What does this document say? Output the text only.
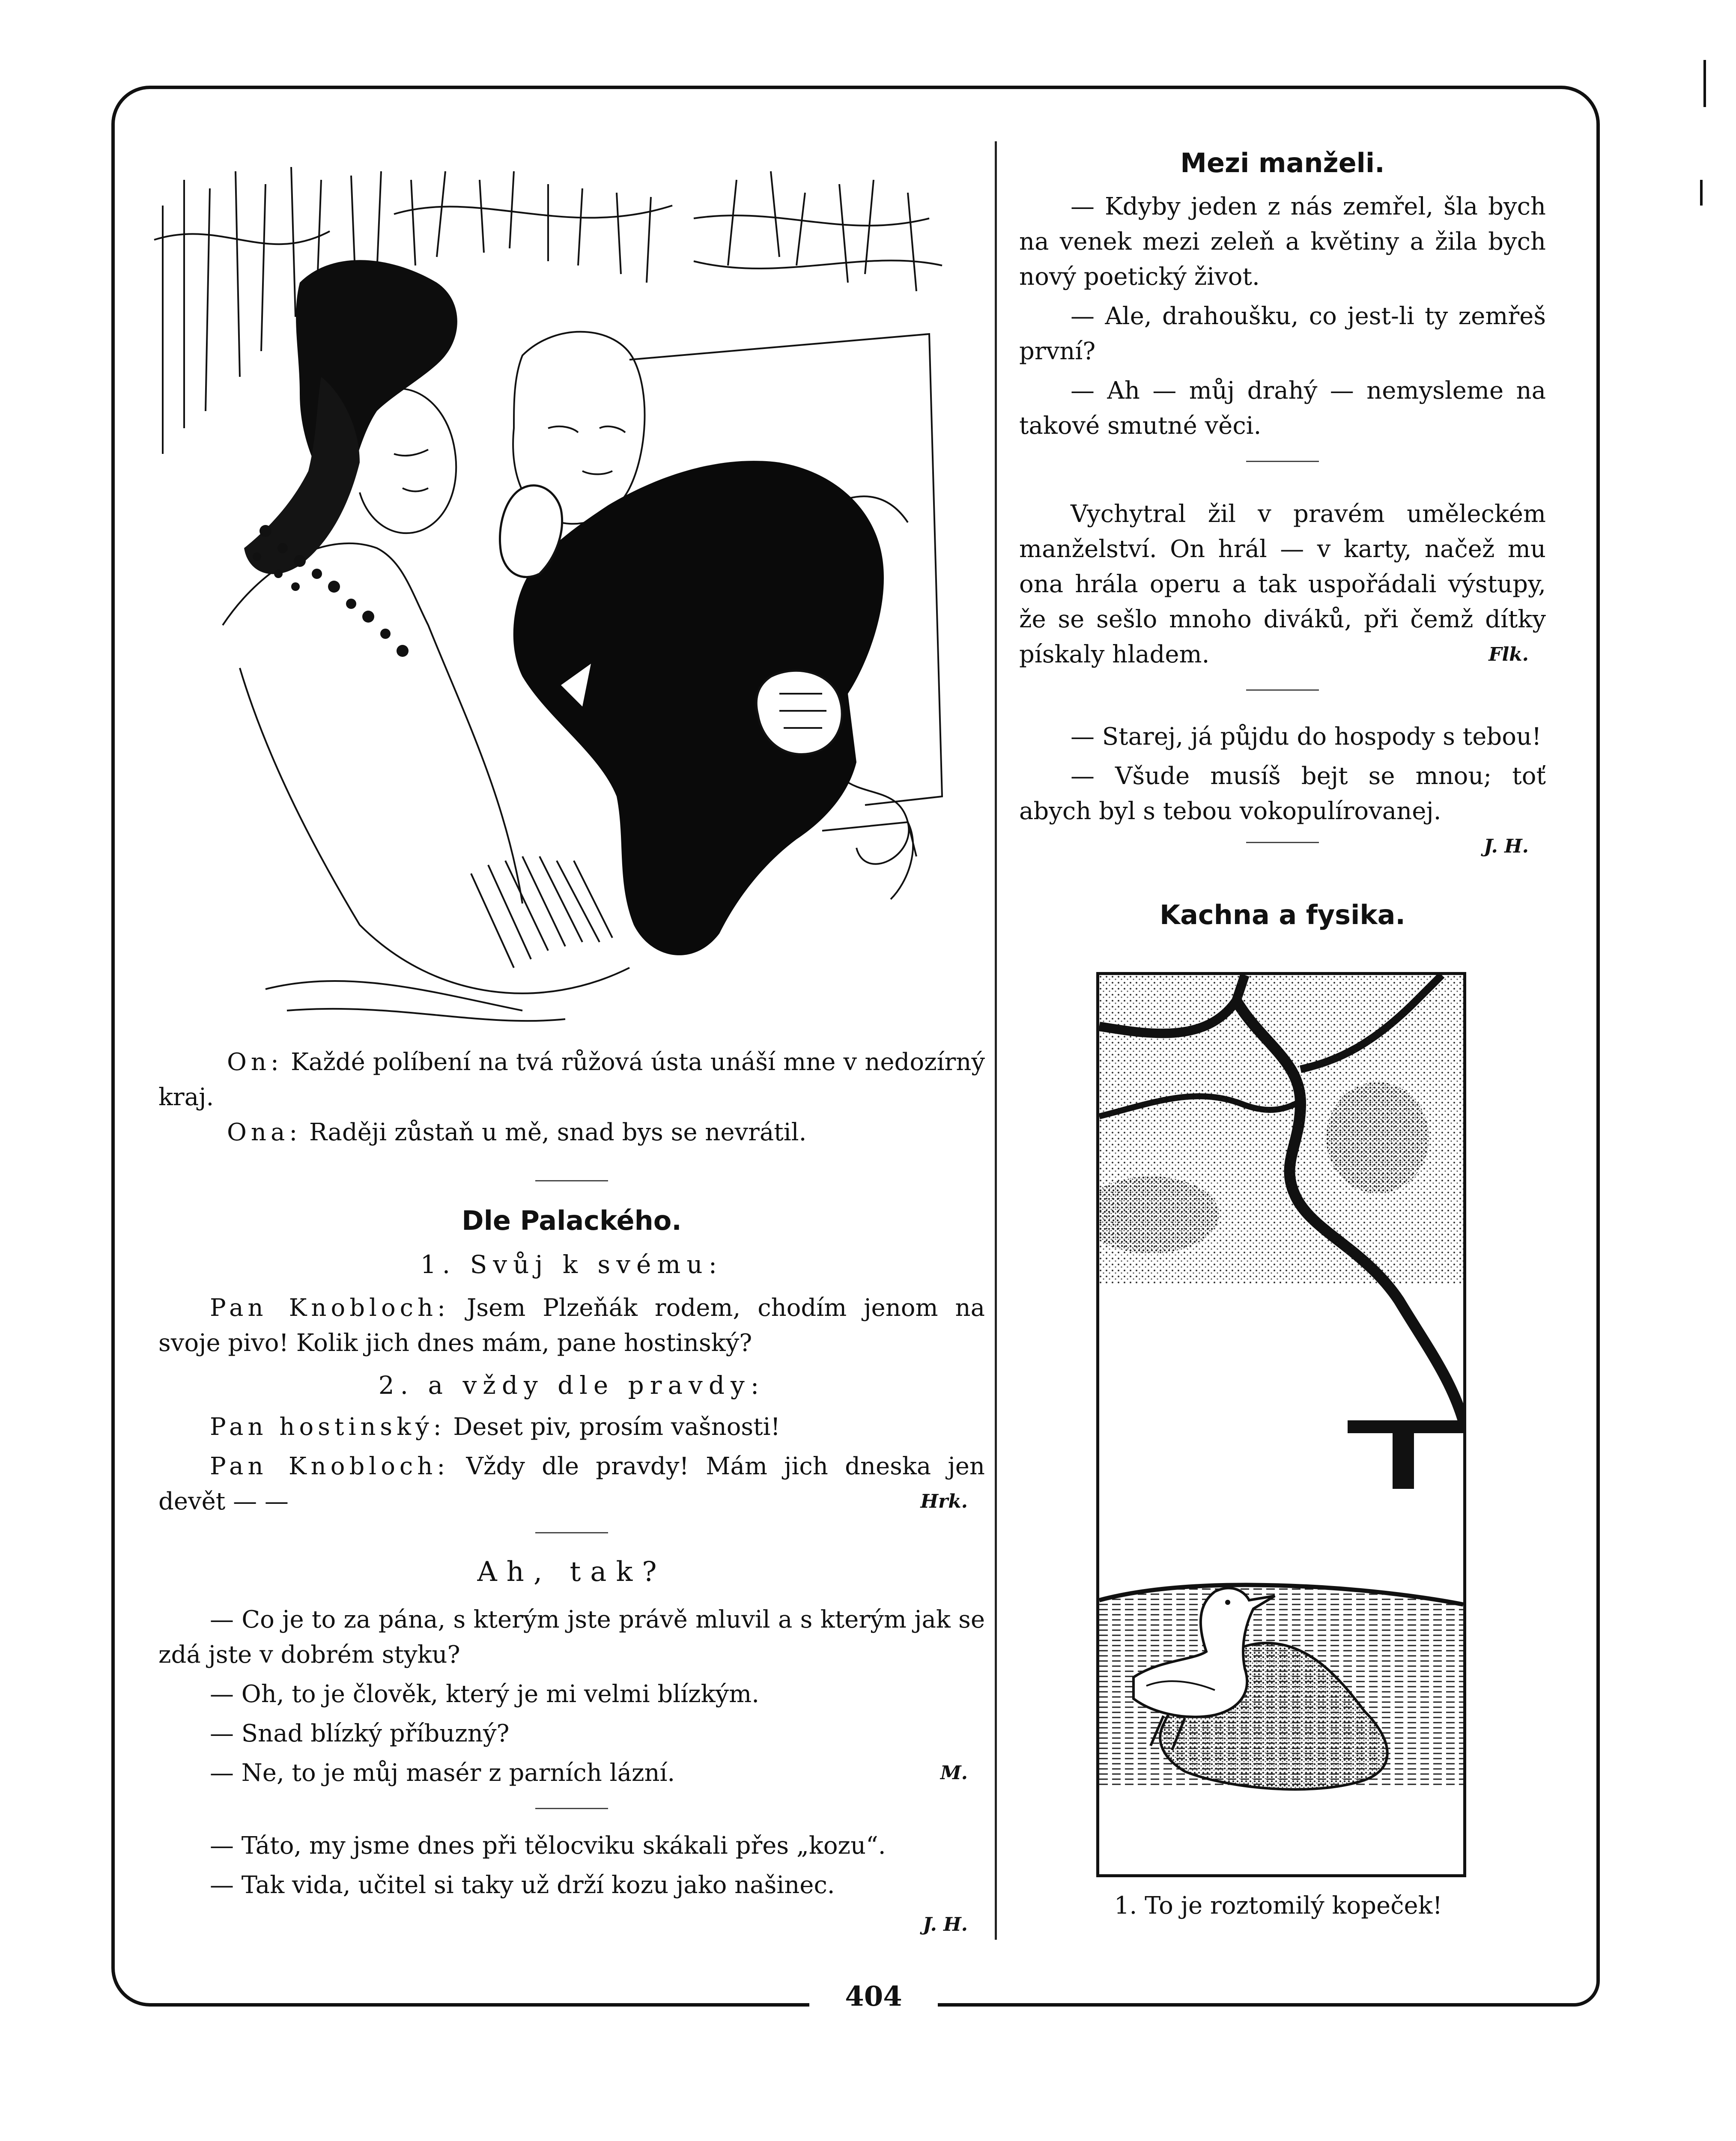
404

On: Každé políbení na tvá růžová ústa unáší mne v nedozírný kraj.

Ona: Raději zůstaň u mě, snad bys se nevrátil.

Dle Palackého.
1. Svůj k svému:

Pan Knobloch: Jsem Plzeňák rodem, chodím jenom na svoje pivo! Kolik jich dnes mám, pane hostinský?

2. a vždy dle pravdy:

Pan hostinský: Deset piv, prosím vašnosti!

Pan Knobloch: Vždy dle pravdy! Mám jich dneska jen devět — —	Hrk.

Ah, tak?

— Co je to za pána, s kterým jste právě mluvil a s kterým jak se zdá jste v dobrém styku?

— Oh, to je člověk, který je mi velmi blízkým.

— Snad blízký příbuzný?

— Ne, to je můj masér z parních lázní.	M.

— Táto, my jsme dnes při tělocviku skákali přes „kozu“.

— Tak vida, učitel si taky už drží kozu jako našinec.

J. H.
Mezi manželi.

— Kdyby jeden z nás zemřel, šla bych na venek mezi zeleň a květiny a žila bych nový poetický život.

— Ale, drahoušku, co jest-li ty zemřeš první?

— Ah — můj drahý — nemysleme na takové smutné věci.

Vychytral žil v pravém uměleckém manželství. On hrál — v karty, načež mu ona hrála operu a tak uspořádali výstupy, že se sešlo mnoho diváků, při čemž dítky pískaly hladem.	Flk.

— Starej, já půjdu do hospody s tebou!

— Všude musíš bejt se mnou; toť abych byl s tebou vokopulírovanej.
J. H.

Kachna a fysika.
1. To je roztomilý kopeček!
